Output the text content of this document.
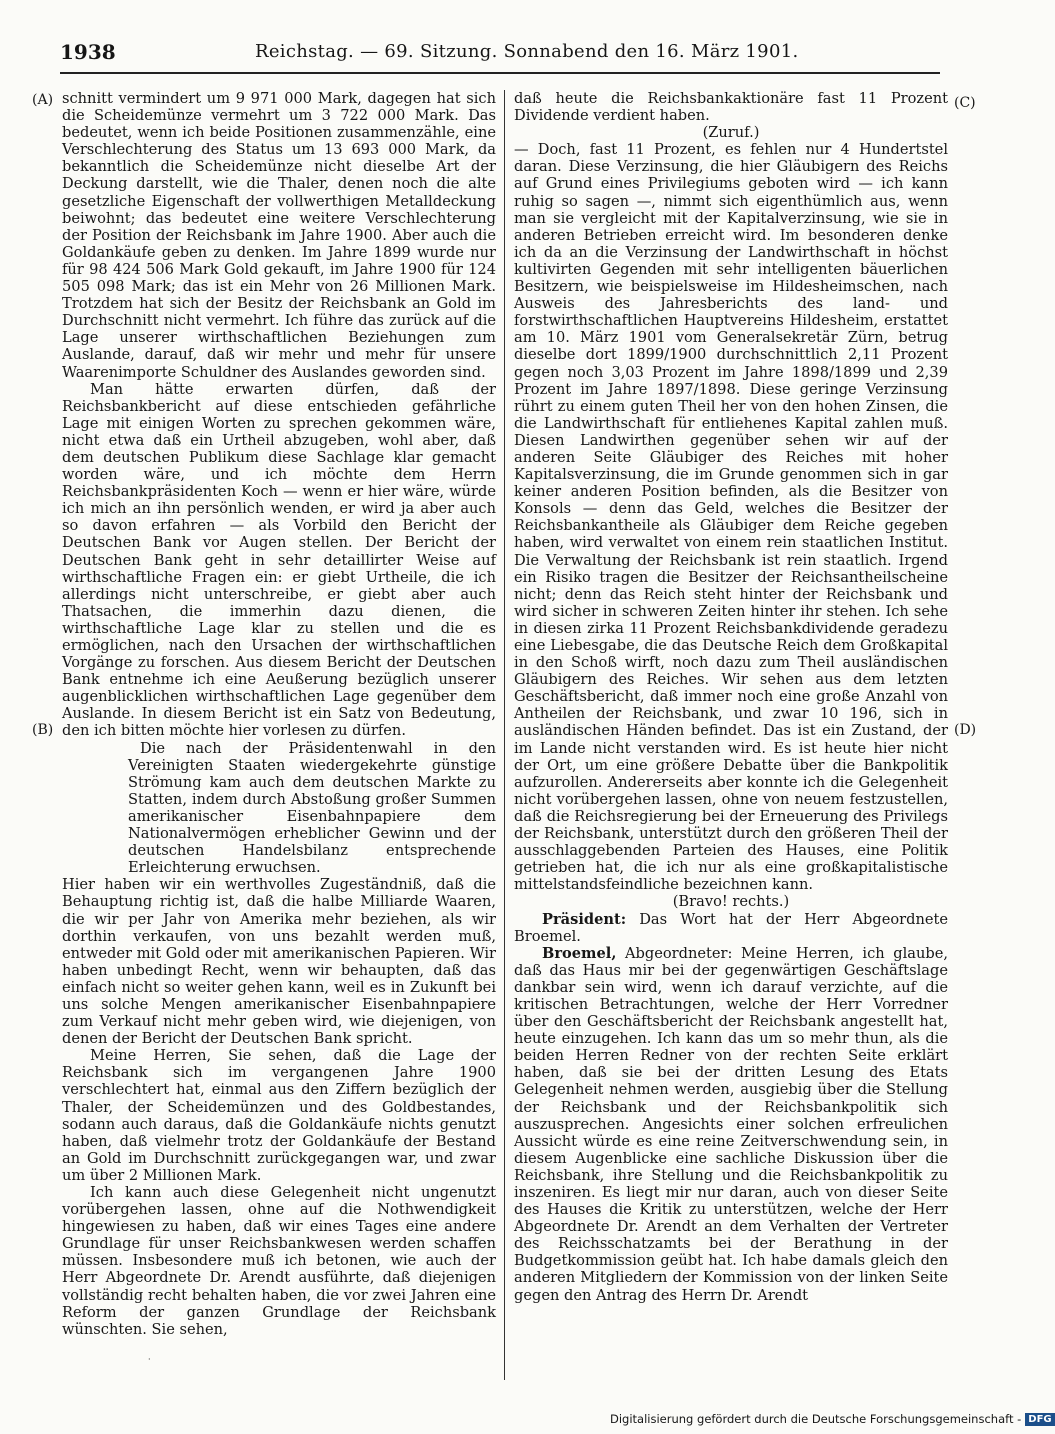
1938	Reichstag. — 69. Sitzung. Sonnabend den 16. März 1901.
(A)
(B)
(C)
(D)

schnitt vermindert um 9 971 000 Mark, dagegen hat sich die Scheidemünze vermehrt um 3 722 000 Mark. Das bedeutet, wenn ich beide Positionen zusammenzähle, eine Verschlechterung des Status um 13 693 000 Mark, da bekanntlich die Scheidemünze nicht dieselbe Art der Deckung darstellt, wie die Thaler, denen noch die alte gesetzliche Eigenschaft der vollwerthigen Metalldeckung beiwohnt; das bedeutet eine weitere Verschlechterung der Position der Reichsbank im Jahre 1900. Aber auch die Goldankäufe geben zu denken. Im Jahre 1899 wurde nur für 98 424 506 Mark Gold gekauft, im Jahre 1900 für 124 505 098 Mark; das ist ein Mehr von 26 Millionen Mark. Trotzdem hat sich der Besitz der Reichsbank an Gold im Durchschnitt nicht vermehrt. Ich führe das zurück auf die Lage unserer wirthschaftlichen Beziehungen zum Auslande, darauf, daß wir mehr und mehr für unsere Waarenimporte Schuldner des Auslandes geworden sind.

Man hätte erwarten dürfen, daß der Reichsbankbericht auf diese entschieden gefährliche Lage mit einigen Worten zu sprechen gekommen wäre, nicht etwa daß ein Urtheil abzugeben, wohl aber, daß dem deutschen Publikum diese Sachlage klar gemacht worden wäre, und ich möchte dem Herrn Reichsbankpräsidenten Koch — wenn er hier wäre, würde ich mich an ihn persönlich wenden, er wird ja aber auch so davon erfahren — als Vorbild den Bericht der Deutschen Bank vor Augen stellen. Der Bericht der Deutschen Bank geht in sehr detaillirter Weise auf wirthschaftliche Fragen ein: er giebt Urtheile, die ich allerdings nicht unterschreibe, er giebt aber auch Thatsachen, die immerhin dazu dienen, die wirthschaftliche Lage klar zu stellen und die es ermöglichen, nach den Ursachen der wirthschaftlichen Vorgänge zu forschen. Aus diesem Bericht der Deutschen Bank entnehme ich eine Aeußerung bezüglich unserer augenblicklichen wirthschaftlichen Lage gegenüber dem Auslande. In diesem Bericht ist ein Satz von Bedeutung, den ich bitten möchte hier vorlesen zu dürfen.

Die nach der Präsidentenwahl in den Vereinigten Staaten wiedergekehrte günstige Strömung kam auch dem deutschen Markte zu Statten, indem durch Abstoßung großer Summen amerikanischer Eisenbahnpapiere dem Nationalvermögen erheblicher Gewinn und der deutschen Handelsbilanz entsprechende Erleichterung erwuchsen.

Hier haben wir ein werthvolles Zugeständniß, daß die Behauptung richtig ist, daß die halbe Milliarde Waaren, die wir per Jahr von Amerika mehr beziehen, als wir dorthin verkaufen, von uns bezahlt werden muß, entweder mit Gold oder mit amerikanischen Papieren. Wir haben unbedingt Recht, wenn wir behaupten, daß das einfach nicht so weiter gehen kann, weil es in Zukunft bei uns solche Mengen amerikanischer Eisenbahnpapiere zum Verkauf nicht mehr geben wird, wie diejenigen, von denen der Bericht der Deutschen Bank spricht.

Meine Herren, Sie sehen, daß die Lage der Reichsbank sich im vergangenen Jahre 1900 verschlechtert hat, einmal aus den Ziffern bezüglich der Thaler, der Scheidemünzen und des Goldbestandes, sodann auch daraus, daß die Goldankäufe nichts genutzt haben, daß vielmehr trotz der Goldankäufe der Bestand an Gold im Durchschnitt zurückgegangen war, und zwar um über 2 Millionen Mark.

Ich kann auch diese Gelegenheit nicht ungenutzt vorübergehen lassen, ohne auf die Nothwendigkeit hingewiesen zu haben, daß wir eines Tages eine andere Grundlage für unser Reichsbankwesen werden schaffen müssen. Insbesondere muß ich betonen, wie auch der Herr Abgeordnete Dr. Arendt ausführte, daß diejenigen vollständig recht behalten haben, die vor zwei Jahren eine Reform der ganzen Grundlage der Reichsbank wünschten. Sie sehen,

daß heute die Reichsbankaktionäre fast 11 Prozent Dividende verdient haben.

(Zuruf.)

— Doch, fast 11 Prozent, es fehlen nur 4 Hundertstel daran. Diese Verzinsung, die hier Gläubigern des Reichs auf Grund eines Privilegiums geboten wird — ich kann ruhig so sagen —, nimmt sich eigenthümlich aus, wenn man sie vergleicht mit der Kapitalverzinsung, wie sie in anderen Betrieben erreicht wird. Im besonderen denke ich da an die Verzinsung der Landwirthschaft in höchst kultivirten Gegenden mit sehr intelligenten bäuerlichen Besitzern, wie beispielsweise im Hildesheimschen, nach Ausweis des Jahresberichts des land- und forstwirthschaftlichen Hauptvereins Hildesheim, erstattet am 10. März 1901 vom Generalsekretär Zürn, betrug dieselbe dort 1899/1900 durchschnittlich 2,11 Prozent gegen noch 3,03 Prozent im Jahre 1898/1899 und 2,39 Prozent im Jahre 1897/1898. Diese geringe Verzinsung rührt zu einem guten Theil her von den hohen Zinsen, die die Landwirthschaft für entliehenes Kapital zahlen muß. Diesen Landwirthen gegenüber sehen wir auf der anderen Seite Gläubiger des Reiches mit hoher Kapitalsverzinsung, die im Grunde genommen sich in gar keiner anderen Position befinden, als die Besitzer von Konsols — denn das Geld, welches die Besitzer der Reichsbankantheile als Gläubiger dem Reiche gegeben haben, wird verwaltet von einem rein staatlichen Institut. Die Verwaltung der Reichsbank ist rein staatlich. Irgend ein Risiko tragen die Besitzer der Reichsantheilscheine nicht; denn das Reich steht hinter der Reichsbank und wird sicher in schweren Zeiten hinter ihr stehen. Ich sehe in diesen zirka 11 Prozent Reichsbankdividende geradezu eine Liebesgabe, die das Deutsche Reich dem Großkapital in den Schoß wirft, noch dazu zum Theil ausländischen Gläubigern des Reiches. Wir sehen aus dem letzten Geschäftsbericht, daß immer noch eine große Anzahl von Antheilen der Reichsbank, und zwar 10 196, sich in ausländischen Händen befindet. Das ist ein Zustand, der im Lande nicht verstanden wird. Es ist heute hier nicht der Ort, um eine größere Debatte über die Bankpolitik aufzurollen. Andererseits aber konnte ich die Gelegenheit nicht vorübergehen lassen, ohne von neuem festzustellen, daß die Reichsregierung bei der Erneuerung des Privilegs der Reichsbank, unterstützt durch den größeren Theil der ausschlaggebenden Parteien des Hauses, eine Politik getrieben hat, die ich nur als eine großkapitalistische mittelstandsfeindliche bezeichnen kann.

(Bravo! rechts.)

Präsident: Das Wort hat der Herr Abgeordnete Broemel.

Broemel, Abgeordneter: Meine Herren, ich glaube, daß das Haus mir bei der gegenwärtigen Geschäftslage dankbar sein wird, wenn ich darauf verzichte, auf die kritischen Betrachtungen, welche der Herr Vorredner über den Geschäftsbericht der Reichsbank angestellt hat, heute einzugehen. Ich kann das um so mehr thun, als die beiden Herren Redner von der rechten Seite erklärt haben, daß sie bei der dritten Lesung des Etats Gelegenheit nehmen werden, ausgiebig über die Stellung der Reichsbank und der Reichsbankpolitik sich auszusprechen. Angesichts einer solchen erfreulichen Aussicht würde es eine reine Zeitverschwendung sein, in diesem Augenblicke eine sachliche Diskussion über die Reichsbank, ihre Stellung und die Reichsbankpolitik zu inszeniren. Es liegt mir nur daran, auch von dieser Seite des Hauses die Kritik zu unterstützen, welche der Herr Abgeordnete Dr. Arendt an dem Verhalten der Vertreter des Reichsschatzamts bei der Berathung in der Budgetkommission geübt hat. Ich habe damals gleich den anderen Mitgliedern der Kommission von der linken Seite gegen den Antrag des Herrn Dr. Arendt

·
Digitalisierung gefördert durch die Deutsche Forschungsgemeinschaft - DFG
